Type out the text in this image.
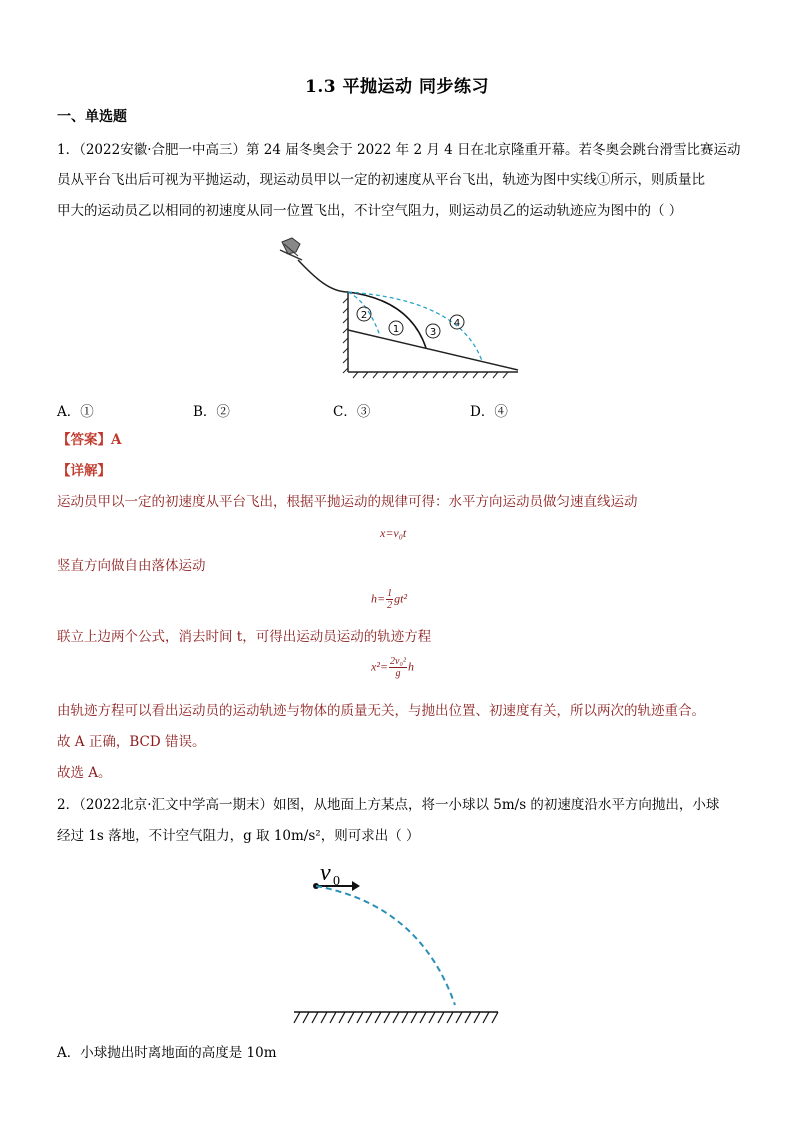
1.3 平抛运动 同步练习
一、单选题
1．（2022安徽·合肥一中高三）第 24 届冬奥会于 2022 年 2 月 4 日在北京隆重开幕。若冬奥会跳台滑雪比赛运动
员从平台飞出后可视为平抛运动，现运动员甲以一定的初速度从平台飞出，轨迹为图中实线①所示，则质量比
甲大的运动员乙以相同的初速度从同一位置飞出，不计空气阻力，则运动员乙的运动轨迹应为图中的（ ）
2
1	3
4
A．①	B．②	C．③	D．④
【答案】A
【详解】
运动员甲以一定的初速度从平台飞出，根据平抛运动的规律可得：水平方向运动员做匀速直线运动
x=v₀t
竖直方向做自由落体运动
$h= \frac{1}{2} gt^2$
联立上边两个公式，消去时间 t，可得出运动员运动的轨迹方程
$x^2= \frac{\text{2v₀²}}{g}$ h
由轨迹方程可以看出运动员的运动轨迹与物体的质量无关，与抛出位置、初速度有关，所以两次的轨迹重合。
故 A 正确，BCD 错误。
故选 A。
2．（2022北京·汇文中学高一期末）如图，从地面上方某点，将一小球以 5m/s 的初速度沿水平方向抛出，小球
经过 1s 落地，不计空气阻力，g 取 10m/s²，则可求出（ ）
v 0
A．小球抛出时离地面的高度是 10m
